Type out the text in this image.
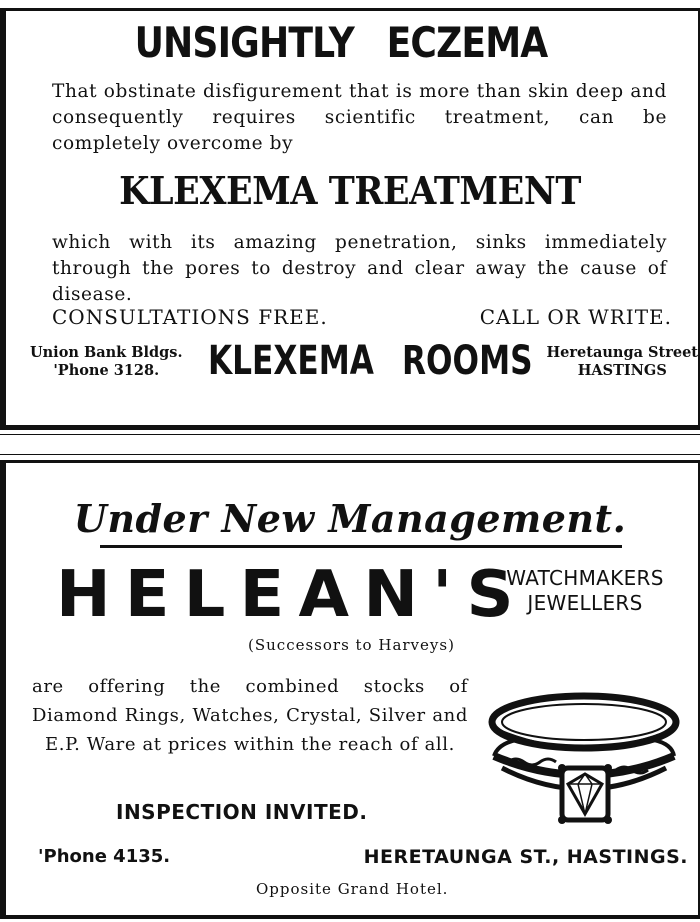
UNSIGHTLY ECZEMA
That obstinate disfigurement that is more than skin deep and consequently requires scientific treatment, can be completely overcome by
KLEXEMA TREATMENT
which with its amazing penetration, sinks immediately through the pores to destroy and clear away the cause of disease.
CONSULTATIONS FREE.	CALL OR WRITE.
Union Bank Bldgs.
'Phone 3128.	KLEXEMA ROOMS Heretaunga Street
HASTINGS
Under New Management.
HELEAN'S
WATCHMAKERS
JEWELLERS
(Successors to Harveys)
are offering the combined stocks of Diamond Rings, Watches, Crystal, Silver and E.P. Ware at prices within the reach of all.
INSPECTION INVITED.
'Phone 4135.	HERETAUNGA ST., HASTINGS.
Opposite Grand Hotel.
